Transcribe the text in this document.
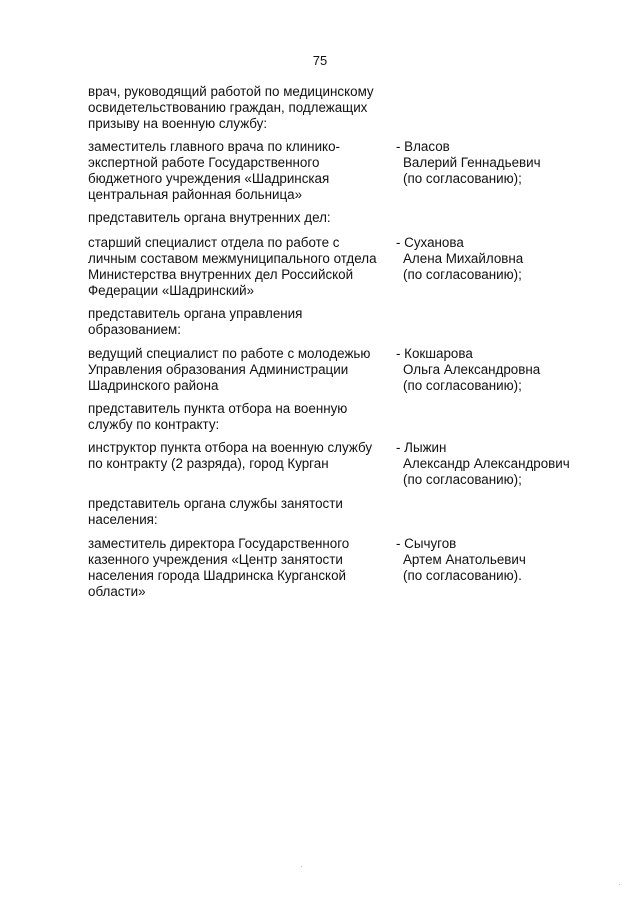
75
врач, руководящий работой по медицинскому
освидетельствованию граждан, подлежащих
призыву на военную службу:
заместитель главного врача по клинико-
экспертной работе Государственного
бюджетного учреждения «Шадринская
центральная районная больница»
- Власов
Валерий Геннадьевич
(по согласованию);
представитель органа внутренних дел:
старший специалист отдела по работе с
личным составом межмуниципального отдела
Министерства внутренних дел Российской
Федерации «Шадринский»
- Суханова
Алена Михайловна
(по согласованию);
представитель органа управления
образованием:
ведущий специалист по работе с молодежью
Управления образования Администрации
Шадринского района
- Кокшарова
Ольга Александровна
(по согласованию);
представитель пункта отбора на военную
службу по контракту:
инструктор пункта отбора на военную службу
по контракту (2 разряда), город Курган
- Лыжин
Александр Александрович
(по согласованию);
представитель органа службы занятости
населения:
заместитель директора Государственного
казенного учреждения «Центр занятости
населения города Шадринска Курганской
области»
- Сычугов
Артем Анатольевич
(по согласованию).
·
·
